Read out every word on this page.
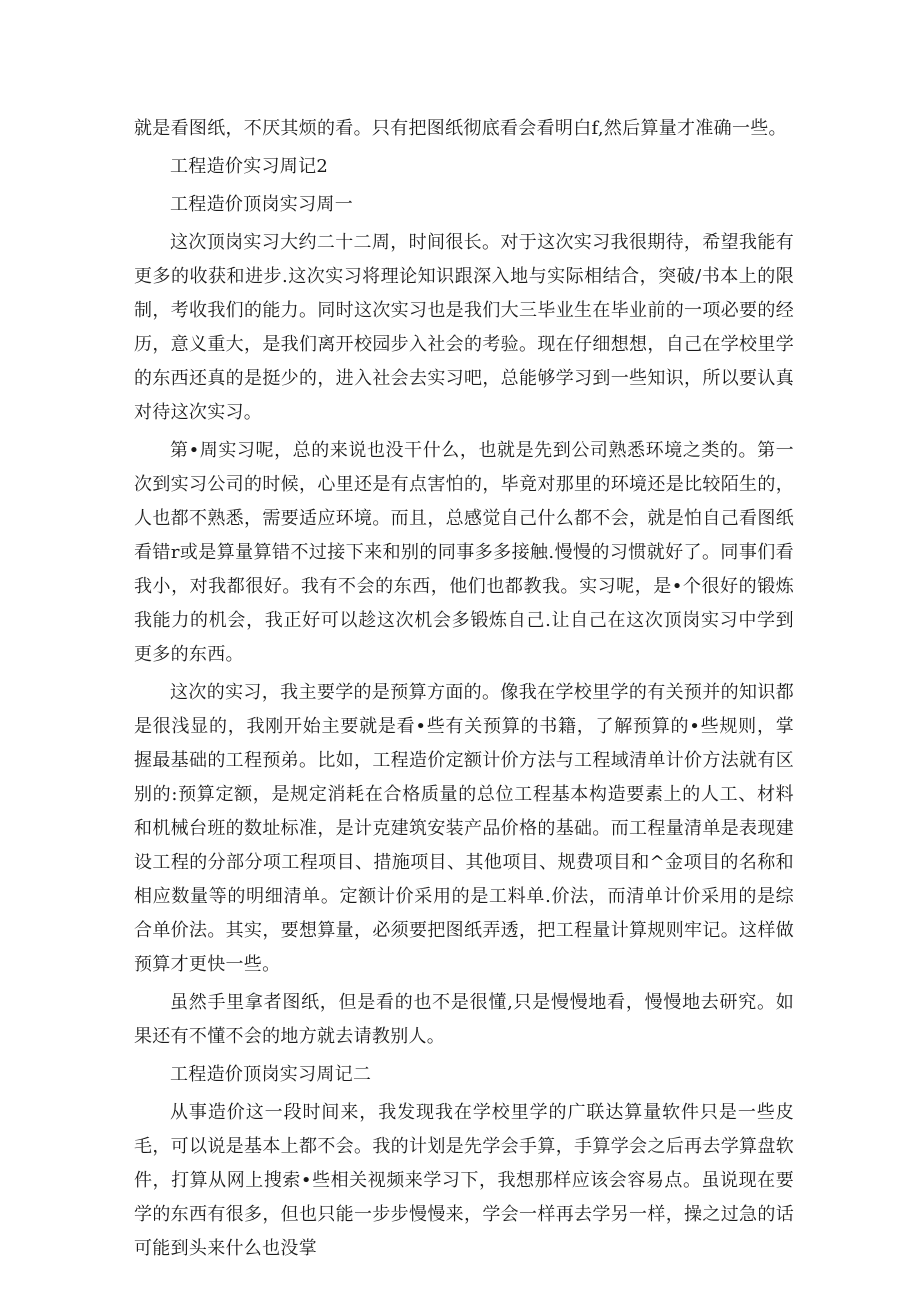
就是看图纸，不厌其烦的看。只有把图纸彻底看会看明白f,然后算量才准确一些。

工程造价实习周记2

工程造价顶岗实习周一

这次顶岗实习大约二十二周，时间很长。对于这次实习我很期待，希望我能有更多的收获和进步.这次实习将理论知识跟深入地与实际相结合，突破/书本上的限制，考收我们的能力。同时这次实习也是我们大三毕业生在毕业前的一项必要的经历，意义重大，是我们离开校园步入社会的考验。现在仔细想想，自己在学校里学的东西还真的是挺少的，进入社会去实习吧，总能够学习到一些知识，所以要认真对待这次实习。

第•周实习呢，总的来说也没干什么，也就是先到公司熟悉环境之类的。第一次到实习公司的时候，心里还是有点害怕的，毕竟对那里的环境还是比较陌生的，人也都不熟悉，需要适应环境。而且，总感觉自己什么都不会，就是怕自己看图纸看错r或是算量算错不过接下来和别的同事多多接触.慢慢的习惯就好了。同事们看我小，对我都很好。我有不会的东西，他们也都教我。实习呢，是•个很好的锻炼我能力的机会，我正好可以趁这次机会多锻炼自己.让自己在这次顶岗实习中学到更多的东西。

这次的实习，我主要学的是预算方面的。像我在学校里学的有关预并的知识都是很浅显的，我刚开始主要就是看•些有关预算的书籍，了解预算的•些规则，掌握最基础的工程预弟。比如，工程造价定额计价方法与工程域清单计价方法就有区别的:预算定额，是规定消耗在合格质量的总位工程基本构造要素上的人工、材料和机械台班的数址标准，是计克建筑安装产品价格的基础。而工程量清单是表现建设工程的分部分项工程项目、措施项目、其他项目、规费项目和^金项目的名称和相应数量等的明细清单。定额计价采用的是工料单.价法，而清单计价采用的是综合单价法。其实，要想算量，必须要把图纸弄透，把工程量计算规则牢记。这样做预算才更快一些。

虽然手里拿者图纸，但是看的也不是很懂,只是慢慢地看，慢慢地去研究。如果还有不懂不会的地方就去请教别人。

工程造价顶岗实习周记二

从事造价这一段时间来，我发现我在学校里学的广联达算量软件只是一些皮毛，可以说是基本上都不会。我的计划是先学会手算，手算学会之后再去学算盘软件，打算从网上搜索•些相关视频来学习下，我想那样应该会容易点。虽说现在要学的东西有很多，但也只能一步步慢慢来，学会一样再去学另一样，操之过急的话可能到头来什么也没掌
